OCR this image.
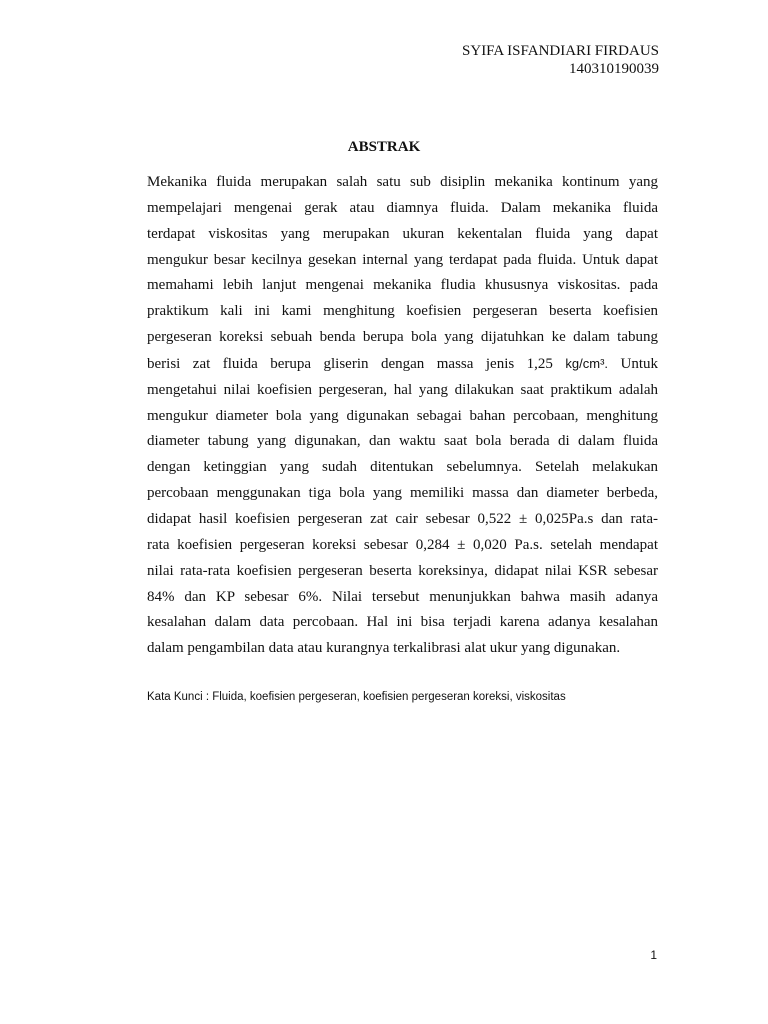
SYIFA ISFANDIARI FIRDAUS
140310190039
ABSTRAK
Mekanika fluida merupakan salah satu sub disiplin mekanika kontinum yang
mempelajari mengenai gerak atau diamnya fluida. Dalam mekanika fluida
terdapat viskositas yang merupakan ukuran kekentalan fluida yang dapat
mengukur besar kecilnya gesekan internal yang terdapat pada fluida. Untuk dapat
memahami lebih lanjut mengenai mekanika fludia khususnya viskositas. pada
praktikum kali ini kami menghitung koefisien pergeseran beserta koefisien
pergeseran koreksi sebuah benda berupa bola yang dijatuhkan ke dalam tabung
berisi zat fluida berupa gliserin dengan massa jenis 1,25 kg/cm³. Untuk
mengetahui nilai koefisien pergeseran, hal yang dilakukan saat praktikum adalah
mengukur diameter bola yang digunakan sebagai bahan percobaan, menghitung
diameter tabung yang digunakan, dan waktu saat bola berada di dalam fluida
dengan ketinggian yang sudah ditentukan sebelumnya. Setelah melakukan
percobaan menggunakan tiga bola yang memiliki massa dan diameter berbeda,
didapat hasil koefisien pergeseran zat cair sebesar 0,522 ± 0,025Pa.s dan rata-
rata koefisien pergeseran koreksi sebesar 0,284 ± 0,020 Pa.s. setelah mendapat
nilai rata-rata koefisien pergeseran beserta koreksinya, didapat nilai KSR sebesar
84% dan KP sebesar 6%. Nilai tersebut menunjukkan bahwa masih adanya
kesalahan dalam data percobaan. Hal ini bisa terjadi karena adanya kesalahan
dalam pengambilan data atau kurangnya terkalibrasi alat ukur yang digunakan.
Kata Kunci : Fluida, koefisien pergeseran, koefisien pergeseran koreksi, viskositas
1
